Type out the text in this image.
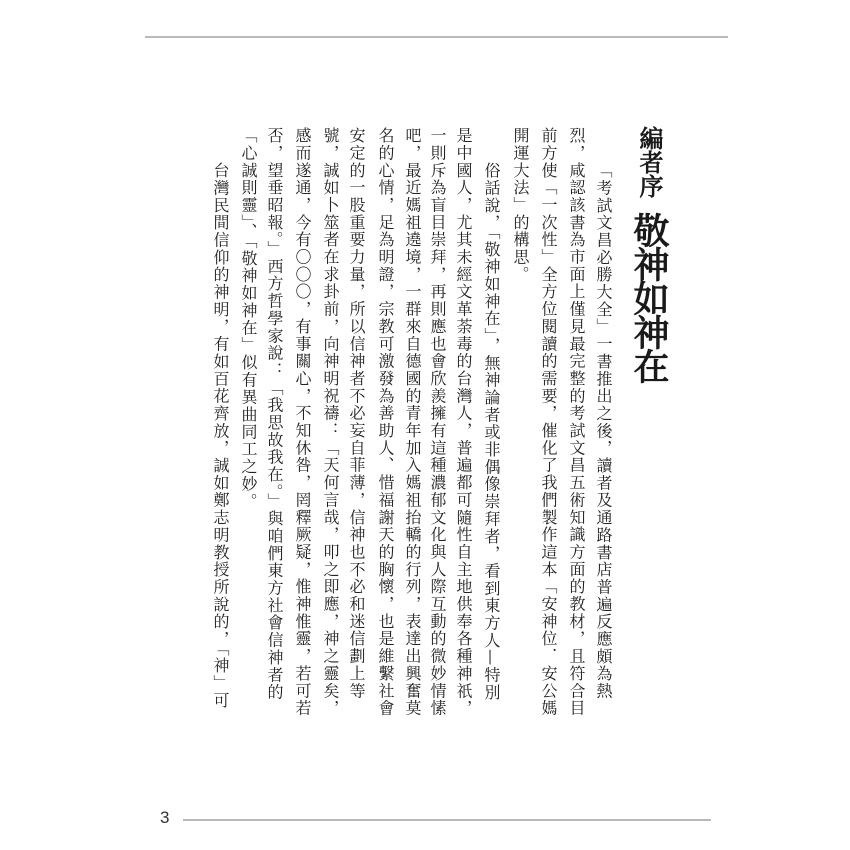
編者序
敬神如神在
「考試文昌必勝大全」一書推出之後，讀者及通路書店普遍反應頗為熱
烈，咸認該書為市面上僅見最完整的考試文昌五術知識方面的教材，且符合目
前方使「一次性」全方位閱讀的需要，催化了我們製作這本「安神位．安公媽
開運大法」的構思。
俗話說，「敬神如神在」，無神論者或非偶像崇拜者，看到東方人—特別
是中國人，尤其未經文革荼毒的台灣人，普遍都可隨性自主地供奉各種神祇，
一則斥為盲目崇拜，再則應也會欣羨擁有這種濃郁文化與人際互動的微妙情愫
吧，最近媽祖遶境，一群來自德國的青年加入媽祖抬轎的行列，表達出興奮莫
名的心情，足為明證，宗教可激發為善助人、惜福謝天的胸懷，也是維繫社會
安定的一股重要力量，所以信神者不必妄自菲薄，信神也不必和迷信劃上等
號，誠如卜筮者在求卦前，向神明祝禱：「天何言哉，叩之即應，神之靈矣，
感而遂通，今有〇〇〇，有事關心，不知休咎，罔釋厥疑，惟神惟靈，若可若
否，望垂昭報。」西方哲學家說：「我思故我在。」與咱們東方社會信神者的
「心誠則靈」、「敬神如神在」似有異曲同工之妙。
台灣民間信仰的神明，有如百花齊放，誠如鄭志明教授所說的，「神」可
3
